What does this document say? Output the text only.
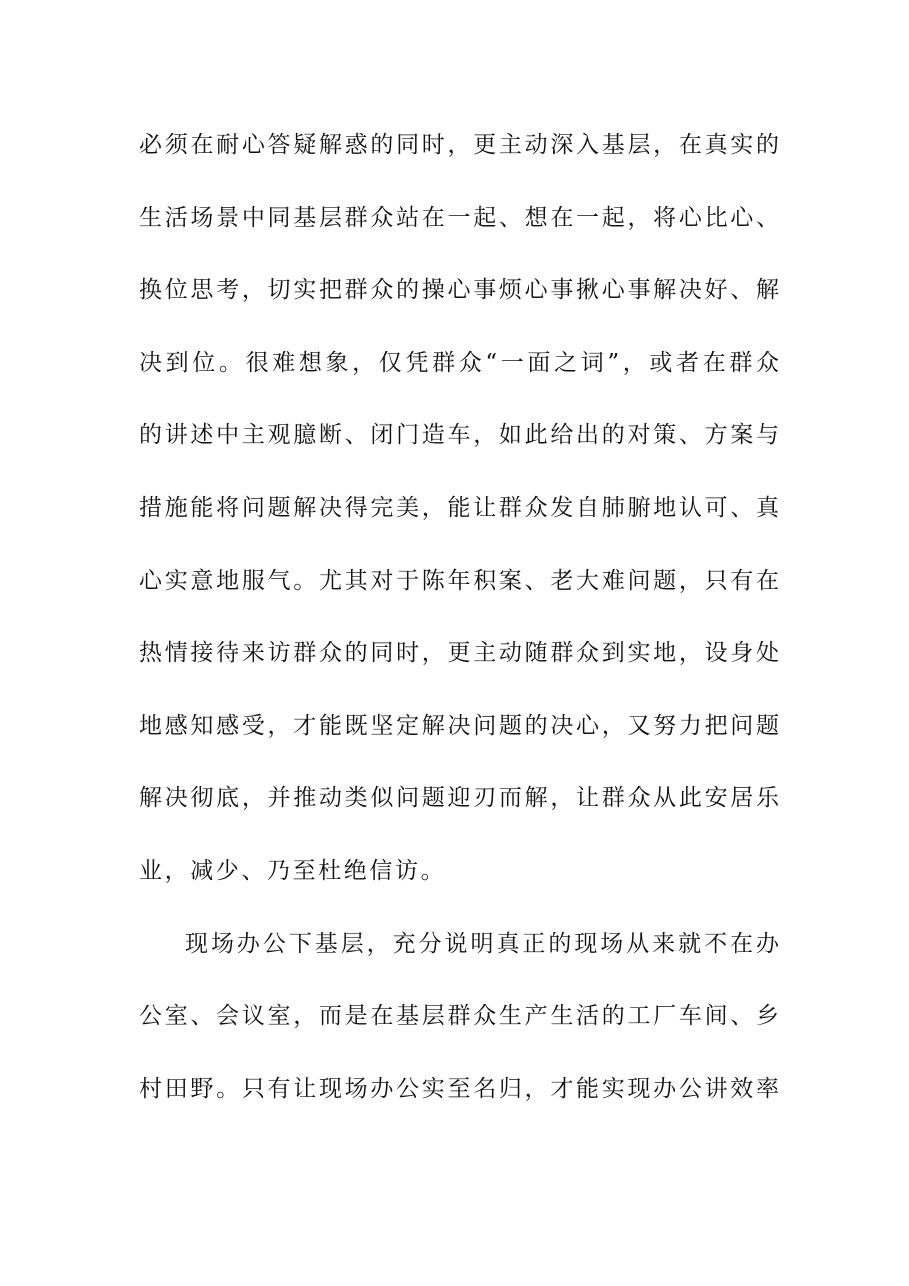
必须在耐心答疑解惑的同时，更主动深入基层，在真实的
生活场景中同基层群众站在一起、想在一起，将心比心、
换位思考，切实把群众的操心事烦心事揪心事解决好、解
决到位。很难想象，仅凭群众“一面之词”，或者在群众
的讲述中主观臆断、闭门造车，如此给出的对策、方案与
措施能将问题解决得完美，能让群众发自肺腑地认可、真
心实意地服气。尤其对于陈年积案、老大难问题，只有在
热情接待来访群众的同时，更主动随群众到实地，设身处
地感知感受，才能既坚定解决问题的决心，又努力把问题
解决彻底，并推动类似问题迎刃而解，让群众从此安居乐
业，减少、乃至杜绝信访。
现场办公下基层，充分说明真正的现场从来就不在办
公室、会议室，而是在基层群众生产生活的工厂车间、乡
村田野。只有让现场办公实至名归，才能实现办公讲效率
